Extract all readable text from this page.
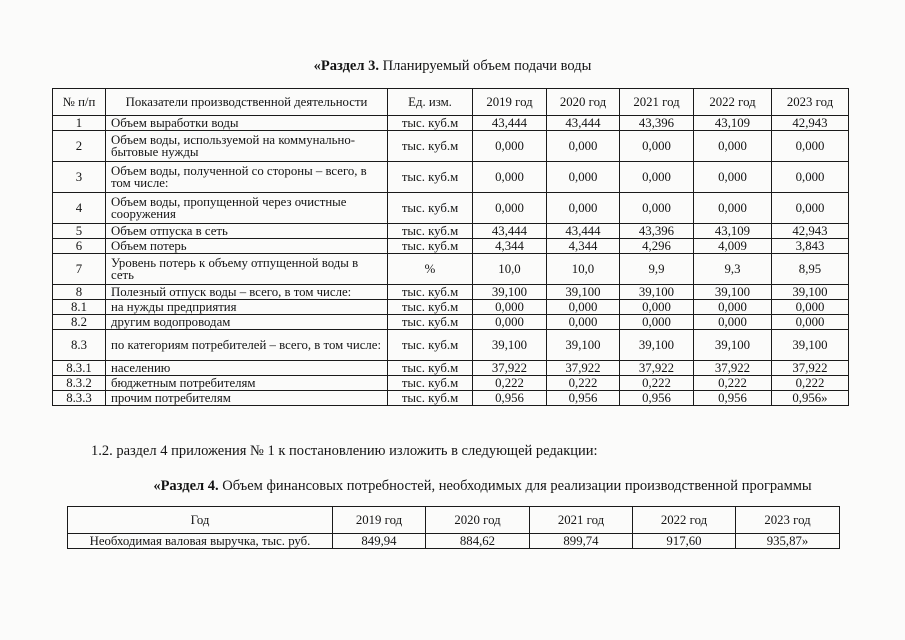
«Раздел 3. Планируемый объем подачи воды
№ п/п	Показатели производственной деятельности	Ед. изм.	2019 год	2020 год	2021 год	2022 год	2023 год
1	Объем выработки воды	тыс. куб.м	43,444	43,444	43,396	43,109	42,943
2	Объем воды, используемой на коммунально-бытовые нужды	тыс. куб.м	0,000	0,000	0,000	0,000	0,000
3	Объем воды, полученной со стороны – всего, в том числе:	тыс. куб.м	0,000	0,000	0,000	0,000	0,000
4	Объем воды, пропущенной через очистные сооружения	тыс. куб.м	0,000	0,000	0,000	0,000	0,000
5	Объем отпуска в сеть	тыс. куб.м	43,444	43,444	43,396	43,109	42,943
6	Объем потерь	тыс. куб.м	4,344	4,344	4,296	4,009	3,843
7	Уровень потерь к объему отпущенной воды в сеть	%	10,0	10,0	9,9	9,3	8,95
8	Полезный отпуск воды – всего, в том числе:	тыс. куб.м	39,100	39,100	39,100	39,100	39,100
8.1	на нужды предприятия	тыс. куб.м	0,000	0,000	0,000	0,000	0,000
8.2	другим водопроводам	тыс. куб.м	0,000	0,000	0,000	0,000	0,000
8.3	по категориям потребителей – всего, в том числе:	тыс. куб.м	39,100	39,100	39,100	39,100	39,100
8.3.1	населению	тыс. куб.м	37,922	37,922	37,922	37,922	37,922
8.3.2	бюджетным потребителям	тыс. куб.м	0,222	0,222	0,222	0,222	0,222
8.3.3	прочим потребителям	тыс. куб.м	0,956	0,956	0,956	0,956	0,956»
1.2. раздел 4 приложения № 1 к постановлению изложить в следующей редакции:
«Раздел 4. Объем финансовых потребностей, необходимых для реализации производственной программы
Год	2019 год	2020 год	2021 год	2022 год	2023 год
Необходимая валовая выручка, тыс. руб.	849,94	884,62	899,74	917,60	935,87»
